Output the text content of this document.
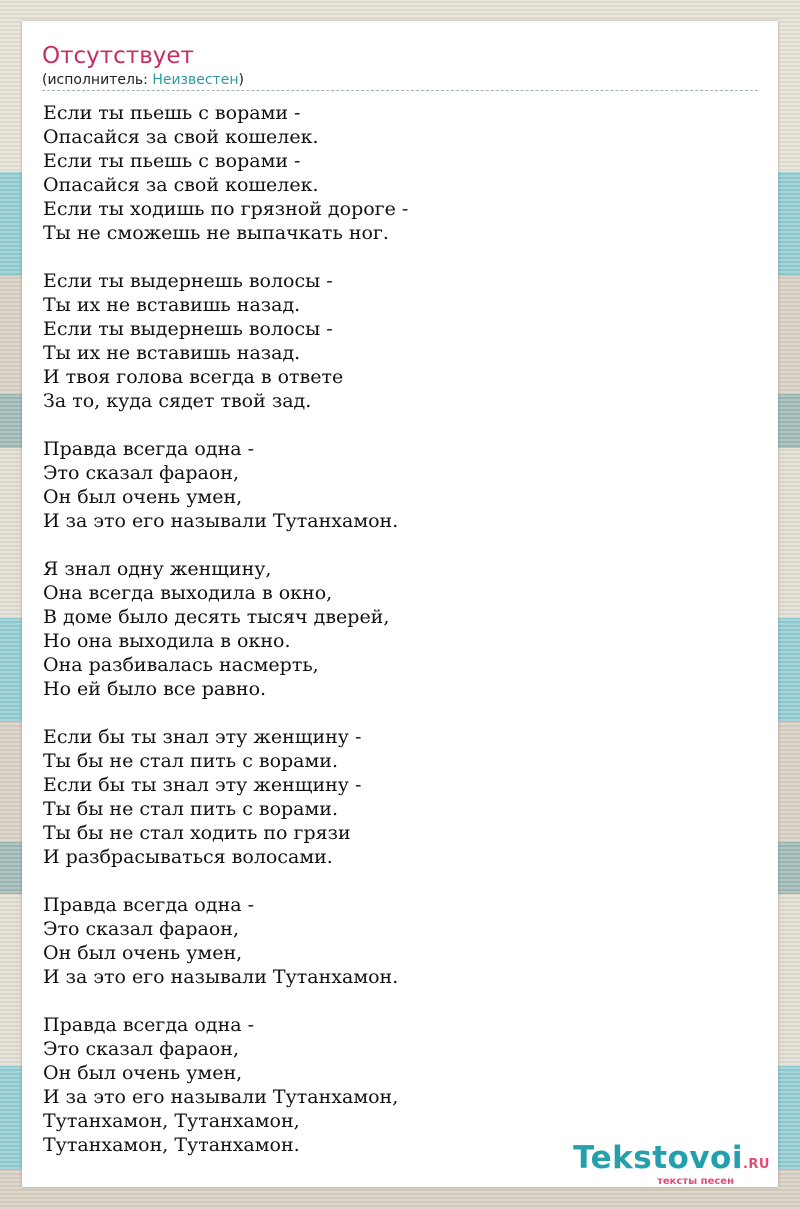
Отсутствует
(исполнитель: Неизвестен)
Если ты пьешь с ворами -
Опасайся за свой кошелек.
Если ты пьешь с ворами -
Опасайся за свой кошелек.
Если ты ходишь по грязной дороге -
Ты не сможешь не выпачкать ног.

Если ты выдернешь волосы -
Ты их не вставишь назад.
Если ты выдернешь волосы -
Ты их не вставишь назад.
И твоя голова всегда в ответе
За то, куда сядет твой зад.

Правда всегда одна -
Это сказал фараон,
Он был очень умен,
И за это его называли Тутанхамон.

Я знал одну женщину,
Она всегда выходила в окно,
В доме было десять тысяч дверей,
Но она выходила в окно.
Она разбивалась насмерть,
Но ей было все равно.

Если бы ты знал эту женщину -
Ты бы не стал пить с ворами.
Если бы ты знал эту женщину -
Ты бы не стал пить с ворами.
Ты бы не стал ходить по грязи
И разбрасываться волосами.

Правда всегда одна -
Это сказал фараон,
Он был очень умен,
И за это его называли Тутанхамон.

Правда всегда одна -
Это сказал фараон,
Он был очень умен,
И за это его называли Тутанхамон,
Тутанхамон, Тутанхамон,
Тутанхамон, Тутанхамон.	Tekstovoi.RU
тексты песен
